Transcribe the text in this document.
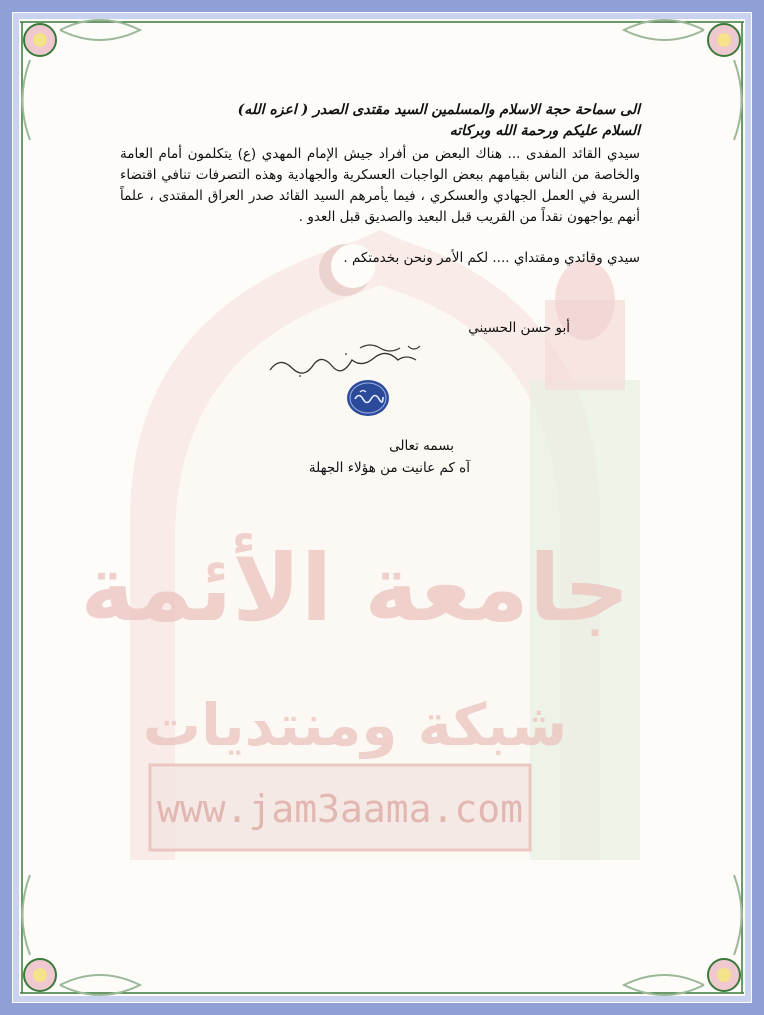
www.jam3aama.com
جامعة الأئمة
شبكة ومنتديات

الى سماحة حجة الاسلام والمسلمين السيد مقتدى الصدر ( اعزه الله)

السلام عليكم ورحمة الله وبركاته

سيدي القائد المفدى ... هناك البعض من أفراد جيش الإمام المهدي (ع) يتكلمون أمام العامة والخاصة من الناس بقيامهم ببعض الواجبات العسكرية والجهادية وهذه التصرفات تنافي اقتضاء السرية في العمل الجهادي والعسكري ، فيما يأمرهم السيد القائد صدر العراق المقتدى ، علماً أنهم يواجهون نقداً من القريب قبل البعيد والصديق قبل العدو .

سيدي وقائدي ومقتداي .... لكم الأمر ونحن بخدمتكم .

أبو حسن الحسيني

بسمه تعالى

آه كم عانيت من هؤلاء الجهلة
